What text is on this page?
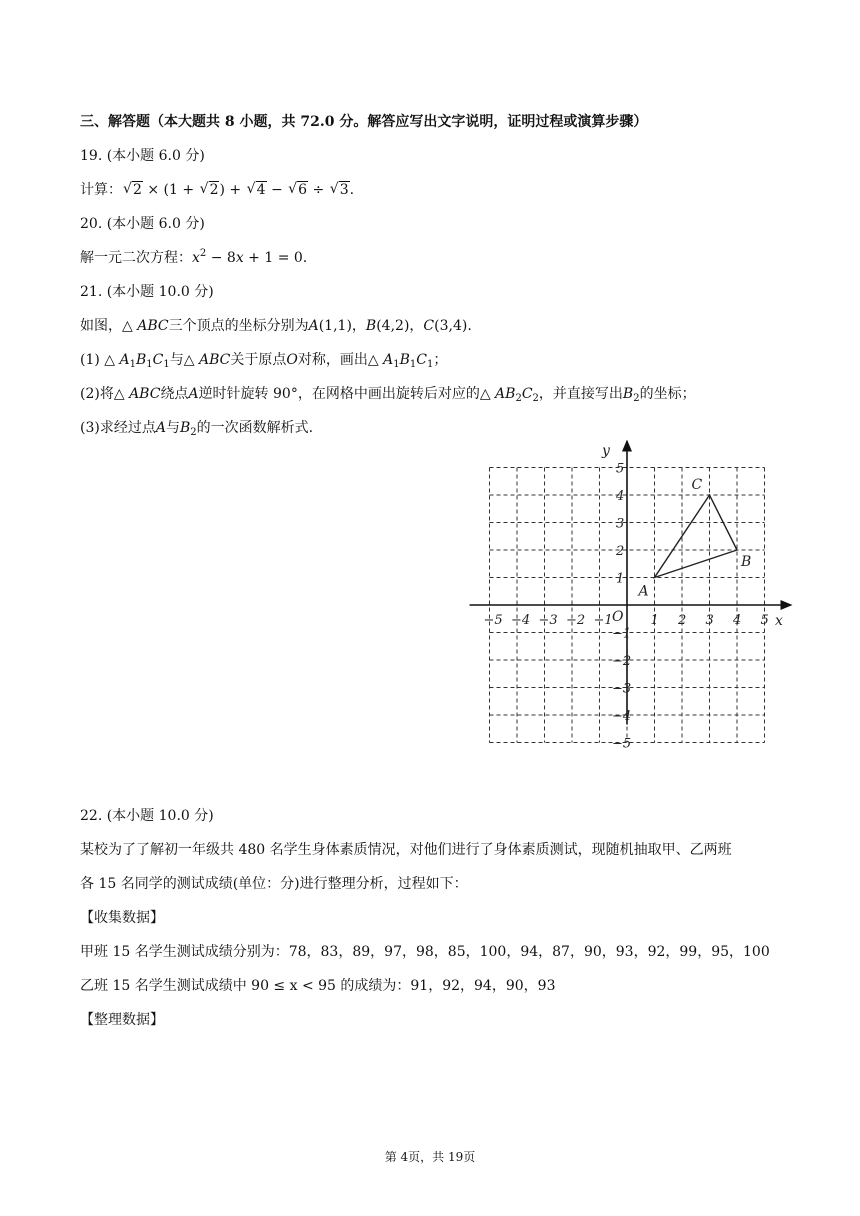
三、解答题（本大题共 8 小题，共 72.0 分。解答应写出文字说明，证明过程或演算步骤）
19. (本小题 6.0 分)
计算：√ 2 × (1 + √ 2) + √ 4 − √ 6 ÷ √ 3.
20. (本小题 6.0 分)
解一元二次方程：$x^2 - 8x + 1 = 0$.
21. (本小题 10.0 分)
如图，△ ABC三个顶点的坐标分别为A(1,1)，B(4,2)，C(3,4).
(1) △ $A_1B_1C_1$与△ ABC关于原点O对称，画出△ $A_1B_1C_1$；
(2)将△ ABC绕点A逆时针旋转 90°，在网格中画出旋转后对应的△ $AB_2C_2$，并直接写出$B_2$的坐标；
(3)求经过点A与$B_2$的一次函数解析式.
−5 −4 −3 −2 −1	1 2 3 4 5
5
4
3
2
1
−1
−2
−3
−4
−5
A
B
C
x
y
O
22. (本小题 10.0 分)
某校为了了解初一年级共 480 名学生身体素质情况，对他们进行了身体素质测试，现随机抽取甲、乙两班
各 15 名同学的测试成绩(单位：分)进行整理分析，过程如下：
【收集数据】
甲班 15 名学生测试成绩分别为：78，83，89，97，98，85，100，94，87，90，93，92，99，95，100
乙班 15 名学生测试成绩中 90 ≤ x < 95 的成绩为：91，92，94，90，93
【整理数据】
第 4页，共 19页
